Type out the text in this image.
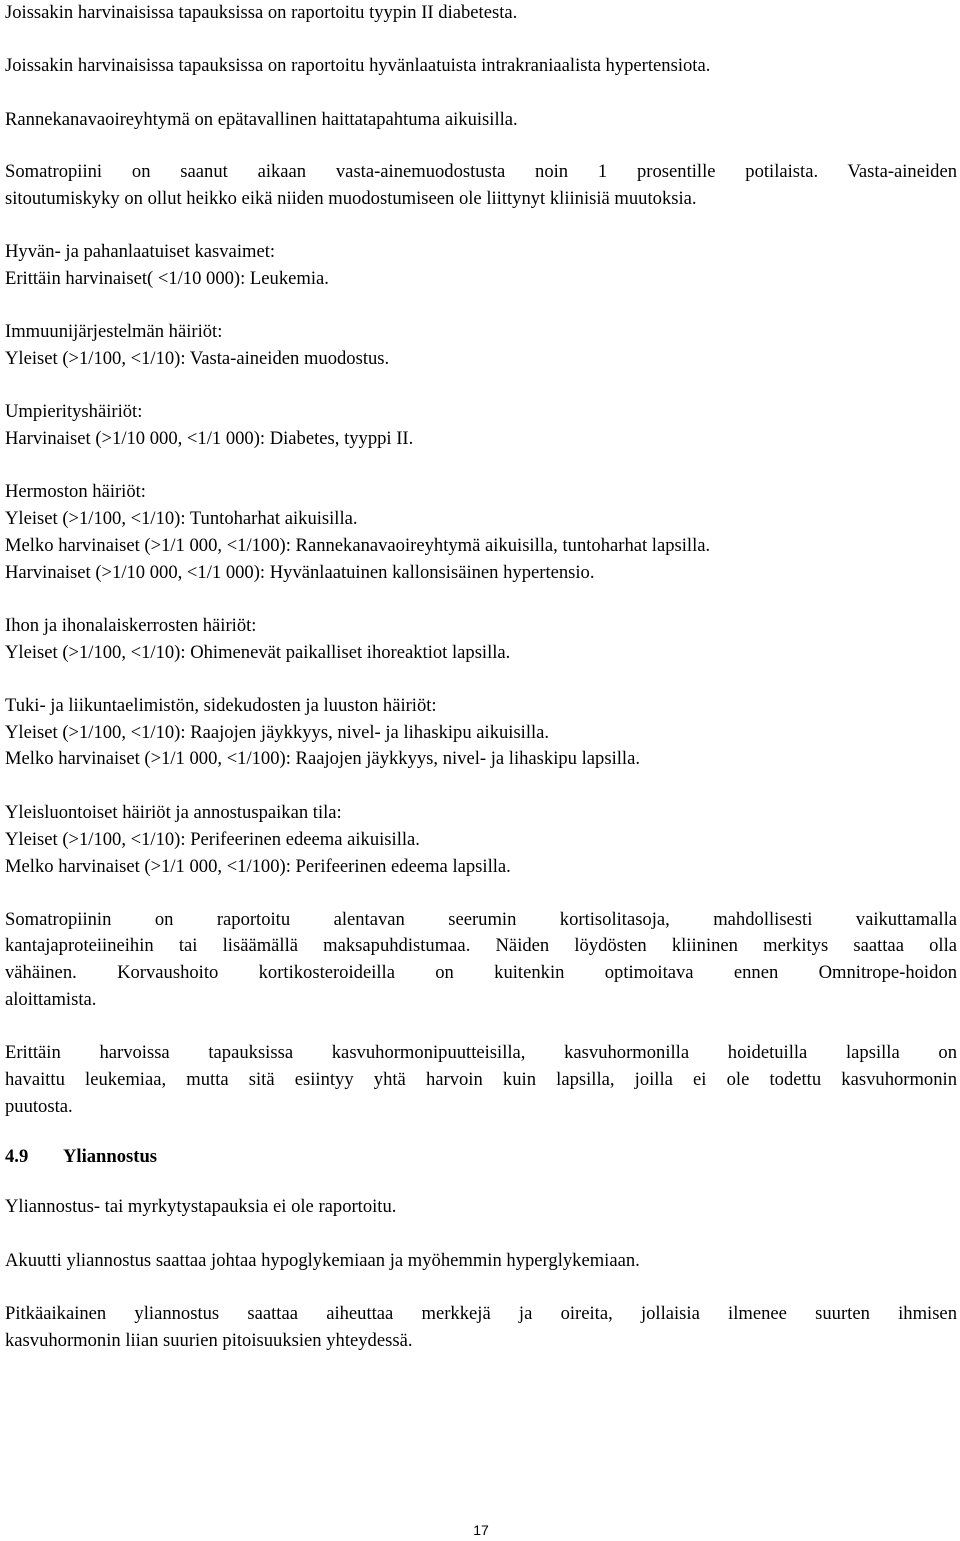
Joissakin harvinaisissa tapauksissa on raportoitu tyypin II diabetesta.
Joissakin harvinaisissa tapauksissa on raportoitu hyvänlaatuista intrakraniaalista hypertensiota.
Rannekanavaoireyhtymä on epätavallinen haittatapahtuma aikuisilla.
Somatropiini on saanut aikaan vasta-ainemuodostusta noin 1 prosentille potilaista. Vasta-aineiden
sitoutumiskyky on ollut heikko eikä niiden muodostumiseen ole liittynyt kliinisiä muutoksia.
Hyvän- ja pahanlaatuiset kasvaimet:
Erittäin harvinaiset( <1/10 000): Leukemia.
Immuunijärjestelmän häiriöt:
Yleiset (>1/100, <1/10): Vasta-aineiden muodostus.
Umpierityshäiriöt:
Harvinaiset (>1/10 000, <1/1 000): Diabetes, tyyppi II.
Hermoston häiriöt:
Yleiset (>1/100, <1/10): Tuntoharhat aikuisilla.
Melko harvinaiset (>1/1 000, <1/100): Rannekanavaoireyhtymä aikuisilla, tuntoharhat lapsilla.
Harvinaiset (>1/10 000, <1/1 000): Hyvänlaatuinen kallonsisäinen hypertensio.
Ihon ja ihonalaiskerrosten häiriöt:
Yleiset (>1/100, <1/10): Ohimenevät paikalliset ihoreaktiot lapsilla.
Tuki- ja liikuntaelimistön, sidekudosten ja luuston häiriöt:
Yleiset (>1/100, <1/10): Raajojen jäykkyys, nivel- ja lihaskipu aikuisilla.
Melko harvinaiset (>1/1 000, <1/100): Raajojen jäykkyys, nivel- ja lihaskipu lapsilla.
Yleisluontoiset häiriöt ja annostuspaikan tila:
Yleiset (>1/100, <1/10): Perifeerinen edeema aikuisilla.
Melko harvinaiset (>1/1 000, <1/100): Perifeerinen edeema lapsilla.
Somatropiinin on raportoitu alentavan seerumin kortisolitasoja, mahdollisesti vaikuttamalla
kantajaproteiineihin tai lisäämällä maksapuhdistumaa. Näiden löydösten kliininen merkitys saattaa olla
vähäinen. Korvaushoito kortikosteroideilla on kuitenkin optimoitava ennen Omnitrope-hoidon
aloittamista.
Erittäin harvoissa tapauksissa kasvuhormonipuutteisilla, kasvuhormonilla hoidetuilla lapsilla on
havaittu leukemiaa, mutta sitä esiintyy yhtä harvoin kuin lapsilla, joilla ei ole todettu kasvuhormonin
puutosta.
4.9 Yliannostus
Yliannostus- tai myrkytystapauksia ei ole raportoitu.
Akuutti yliannostus saattaa johtaa hypoglykemiaan ja myöhemmin hyperglykemiaan.
Pitkäaikainen yliannostus saattaa aiheuttaa merkkejä ja oireita, jollaisia ilmenee suurten ihmisen
kasvuhormonin liian suurien pitoisuuksien yhteydessä.
17
